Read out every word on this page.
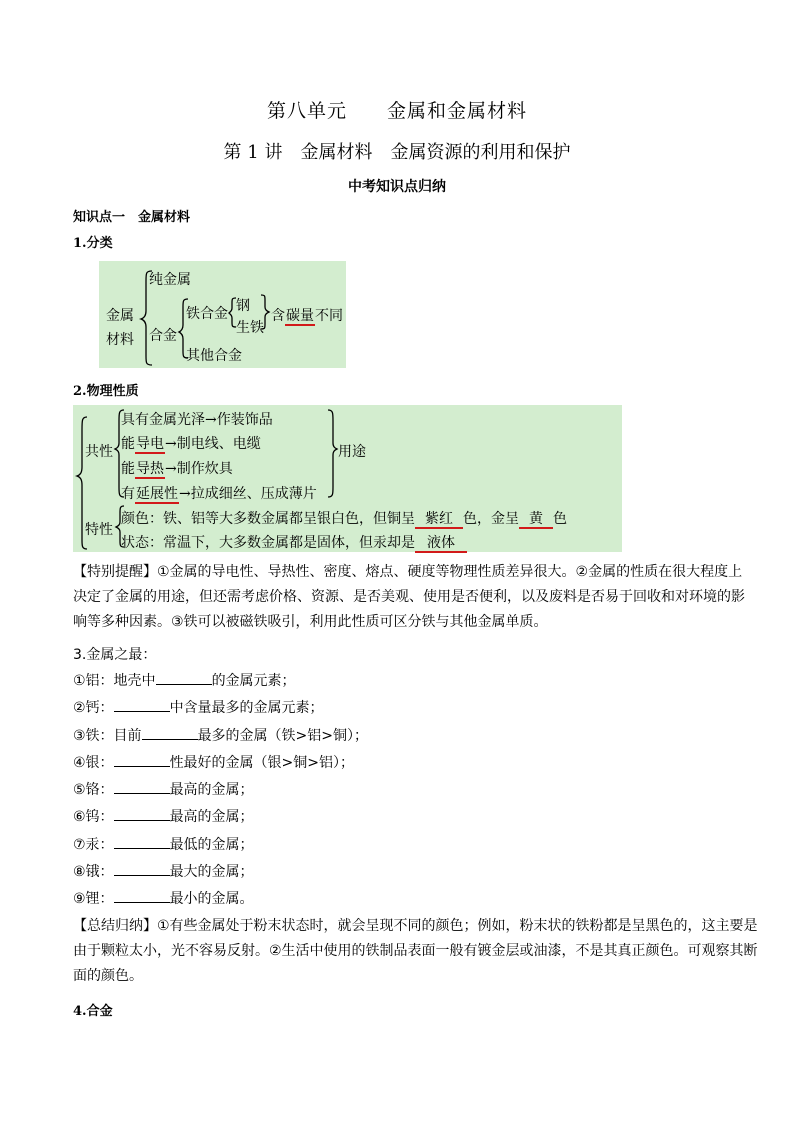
第八单元　　金属和金属材料
第 1 讲　金属材料　金属资源的利用和保护
中考知识点归纳
知识点一　金属材料
1.分类
金属
材料
纯金属
合金
铁合金 钢
生铁
含碳量不同
其他合金
2.物理性质
共性	用途
特性
具有金属光泽→作装饰品
能导电→制电线、电缆
能导热→制作炊具
有延展性→拉成细丝、压成薄片
颜色：铁、铝等大多数金属都呈银白色，但铜呈 紫红 色，金呈 黄 色
状态：常温下，大多数金属都是固体，但汞却是 液体
【特别提醒】①金属的导电性、导热性、密度、熔点、硬度等物理性质差异很大。②金属的性质在很大程度上决定了金属的用途，但还需考虑价格、资源、是否美观、使用是否便利，以及废料是否易于回收和对环境的影响等多种因素。③铁可以被磁铁吸引，利用此性质可区分铁与其他金属单质。
3.金属之最：
①铝：地壳中	的金属元素；
②钙：	中含量最多的金属元素；
③铁：目前	最多的金属（铁>铝>铜）；
④银：	性最好的金属（银>铜>铝）；
⑤铬：	最高的金属；
⑥钨：	最高的金属；
⑦汞：	最低的金属；
⑧锇：	最大的金属；
⑨锂：	最小的金属。
【总结归纳】①有些金属处于粉末状态时，就会呈现不同的颜色；例如，粉末状的铁粉都是呈黑色的，这主要是由于颗粒太小，光不容易反射。②生活中使用的铁制品表面一般有镀金层或油漆，不是其真正颜色。可观察其断面的颜色。
4.合金
